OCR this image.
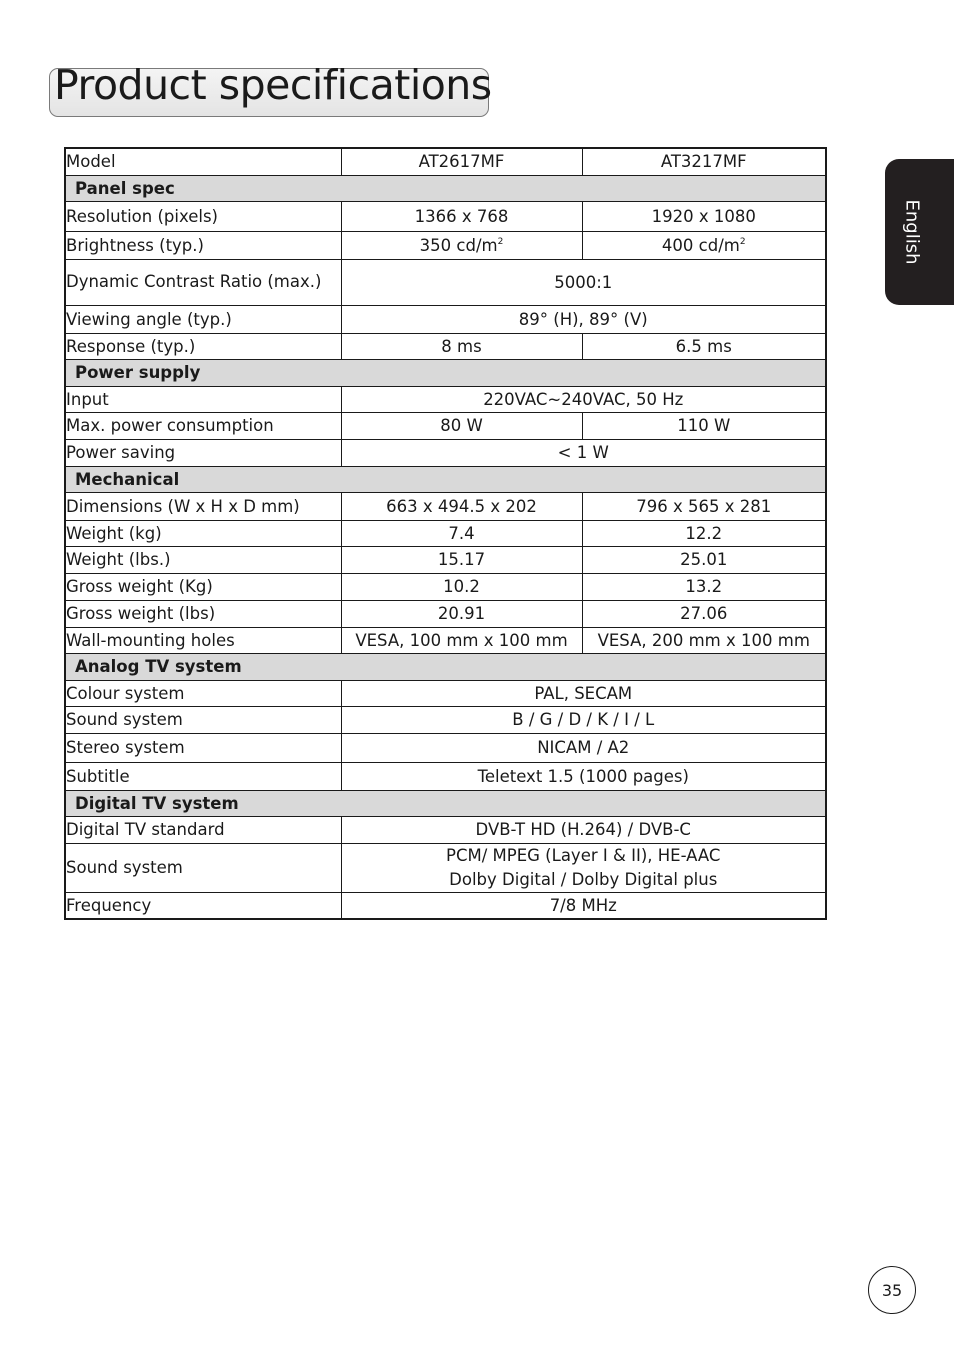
Product specifications
English
Model	AT2617MF	AT3217MF
Panel spec		
Resolution (pixels)	1366 x 768	1920 x 1080
Brightness (typ.)	350 $cd/m^2$	400 $cd/m^2$
Dynamic Contrast Ratio (max.)	5000:1	
Viewing angle (typ.)	89° (H), 89° (V)	
Response (typ.)	8 ms	6.5 ms
Power supply		
Input	220VAC~240VAC, 50 Hz	
Max. power consumption	80 W	110 W
Power saving	< 1 W	
Mechanical		
Dimensions (W x H x D mm)	663 x 494.5 x 202	796 x 565 x 281
Weight (kg)	7.4	12.2
Weight (lbs.)	15.17	25.01
Gross weight (Kg)	10.2	13.2
Gross weight (lbs)	20.91	27.06
Wall-mounting holes	VESA, 100 mm x 100 mm	VESA, 200 mm x 100 mm
Analog TV system		
Colour system	PAL, SECAM	
Sound system	B / G / D / K / I / L	
Stereo system	NICAM / A2	
Subtitle	Teletext 1.5 (1000 pages)	
Digital TV system		
Digital TV standard	DVB-T HD (H.264) / DVB-C	
Sound system	PCM/ MPEG (Layer I & II), HE-AAC
Dolby Digital / Dolby Digital plus	

Frequency	7/8 MHz	
35
